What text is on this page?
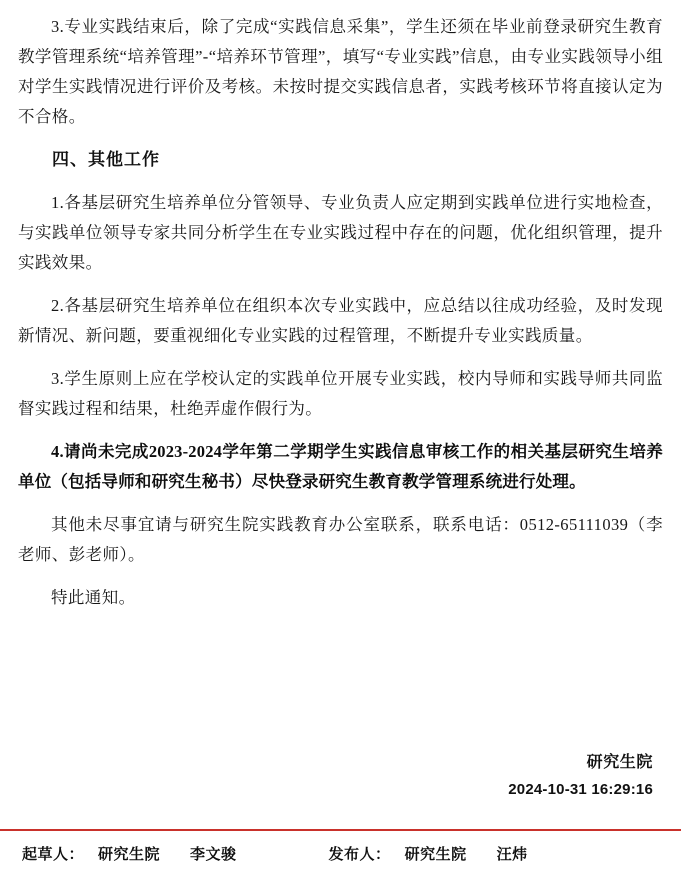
3.专业实践结束后，除了完成“实践信息采集”，学生还须在毕业前登录研究生教育教学管理系统“培养管理”-“培养环节管理”，填写“专业实践”信息，由专业实践领导小组对学生实践情况进行评价及考核。未按时提交实践信息者，实践考核环节将直接认定为不合格。

四、其他工作

1.各基层研究生培养单位分管领导、专业负责人应定期到实践单位进行实地检查，与实践单位领导专家共同分析学生在专业实践过程中存在的问题，优化组织管理，提升实践效果。

2.各基层研究生培养单位在组织本次专业实践中，应总结以往成功经验，及时发现新情况、新问题，要重视细化专业实践的过程管理，不断提升专业实践质量。

3.学生原则上应在学校认定的实践单位开展专业实践，校内导师和实践导师共同监督实践过程和结果，杜绝弄虚作假行为。

4.请尚未完成2023-2024学年第二学期学生实践信息审核工作的相关基层研究生培养单位（包括导师和研究生秘书）尽快登录研究生教育教学管理系统进行处理。

其他未尽事宜请与研究生院实践教育办公室联系，联系电话：0512-65111039（李老师、彭老师）。

特此通知。

研究生院
2024-10-31 16:29:16
起草人： 研究生院 李文骏	发布人： 研究生院 汪炜
